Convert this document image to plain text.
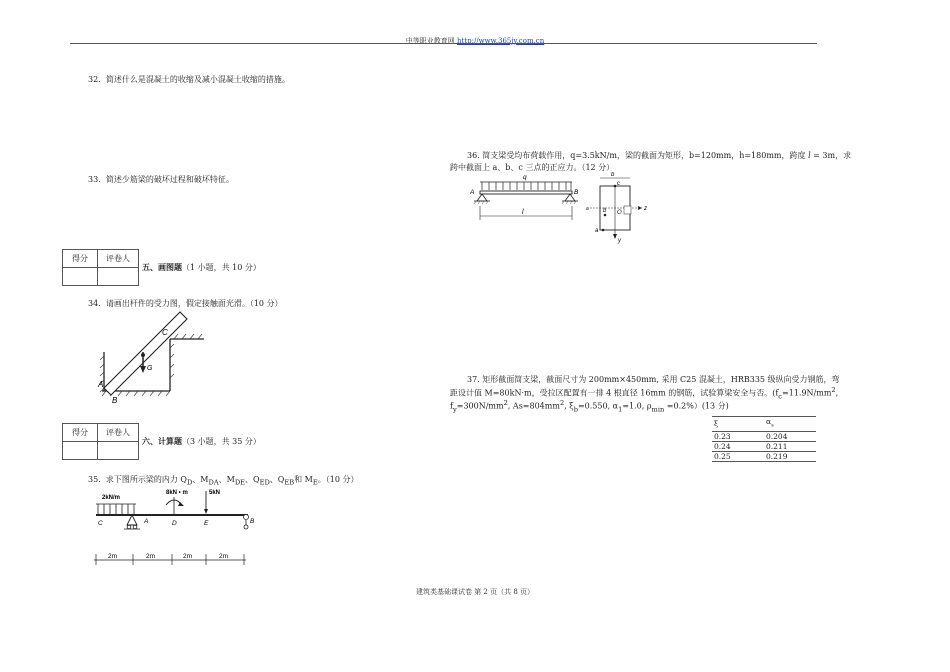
中等职业教育网 http://www.365jy.com.cn
32. 简述什么是混凝土的收缩及减小混凝土收缩的措施。
33. 简述少筋梁的破坏过程和破坏特征。
得分	评卷人

五、画图题（1 小题，共 10 分）
34. 请画出杆件的受力图，假定接触面光滑。（10 分）
A
B
C
G
得分	评卷人

六、计算题（3 小题，共 35 分）
35. 求下图所示梁的内力 $Q_D$、$M_{DA}$、$M_{DE}$、$Q_{ED}$、$Q_{EB}$和 $M_E$。（10 分）
2kN/m
8kN • m	5kN
C	A	D	E	B
2m	2m	2m	2m
36. 简支梁受均布荷载作用，q=3.5kN/m，梁的截面为矩形，b=120mm，h=180mm，跨度 l = 3m，求
跨中截面上 a、b、c 三点的正应力。（12 分）
q
A	B
l
b
c
O
z
y
b
a
a
37. 矩形截面简支梁，截面尺寸为 200mm×450mm, 采用 C25 混凝土，HRB335 级纵向受力钢筋，弯
距设计值 M=80kN·m，受拉区配置有一排 4 根直径 16mm 的钢筋，试验算梁安全与否。($f_c=11.9N/mm^2$,
$f_y=300N/mm^2$, $As=804mm^2$, $\xi_b=0.550$, $\alpha_1=1.0$, $\rho_{min} =0.2\%)(13$ 分)
ξ	$\alpha_s$
0.23	0.204
0.24	0.211
0.25	0.219
建筑类基础课试卷 第 2 页（共 8 页）
